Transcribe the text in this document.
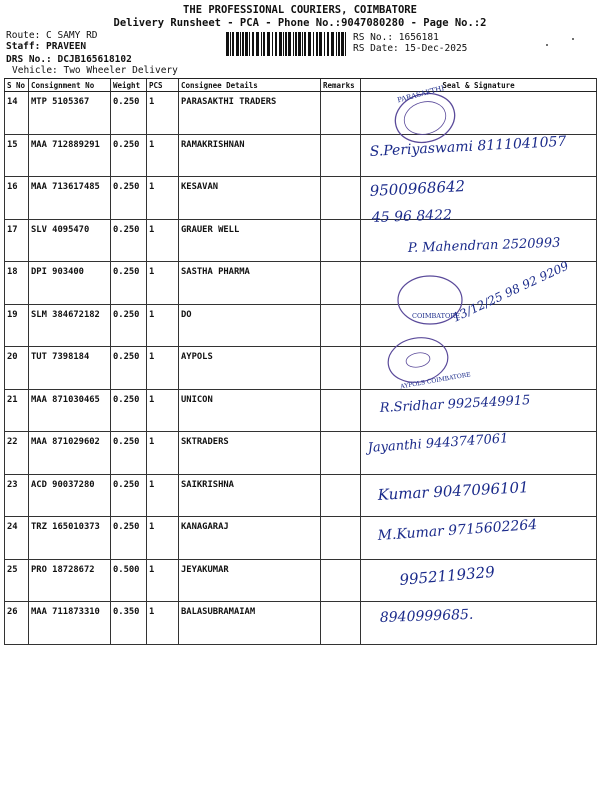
THE PROFESSIONAL COURIERS, COIMBATORE
Delivery Runsheet - PCA - Phone No.:9047080280 - Page No.:2
Route: C SAMY RD
Staff: PRAVEEN
DRS No.: DCJB165618102
Vehicle: Two Wheeler Delivery
RS No.: 1656181
RS Date: 15-Dec-2025
S No	Consignment No	Weight	PCS	Consignee Details	Remarks	Seal & Signature
14	MTP 5105367	0.250	1	PARASAKTHI TRADERS		
15	MAA 712889291	0.250	1	RAMAKRISHNAN		
16	MAA 713617485	0.250	1	KESAVAN		
17	SLV 4095470	0.250	1	GRAUER WELL		
18	DPI 903400	0.250	1	SASTHA PHARMA		
19	SLM 384672182	0.250	1	DO		
20	TUT 7398184	0.250	1	AYPOLS		
21	MAA 871030465	0.250	1	UNICON		
22	MAA 871029602	0.250	1	SKTRADERS		
23	ACD 90037280	0.250	1	SAIKRISHNA		
24	TRZ 165010373	0.250	1	KANAGARAJ		
25	PRO 18728672	0.500	1	JEYAKUMAR		
26	MAA 711873310	0.350	1	BALASUBRAMAIAM		
PARASAKTHI
COIMBATORE
AYPOLS COIMBATORE
S.Periyaswami 8111041057
9500968642
45 96 8422
P. Mahendran 2520993
13/12/25 98 92 9209
R.Sridhar 9925449915
Jayanthi 9443747061
Kumar 9047096101
M.Kumar 9715602264
9952119329
8940999685.
